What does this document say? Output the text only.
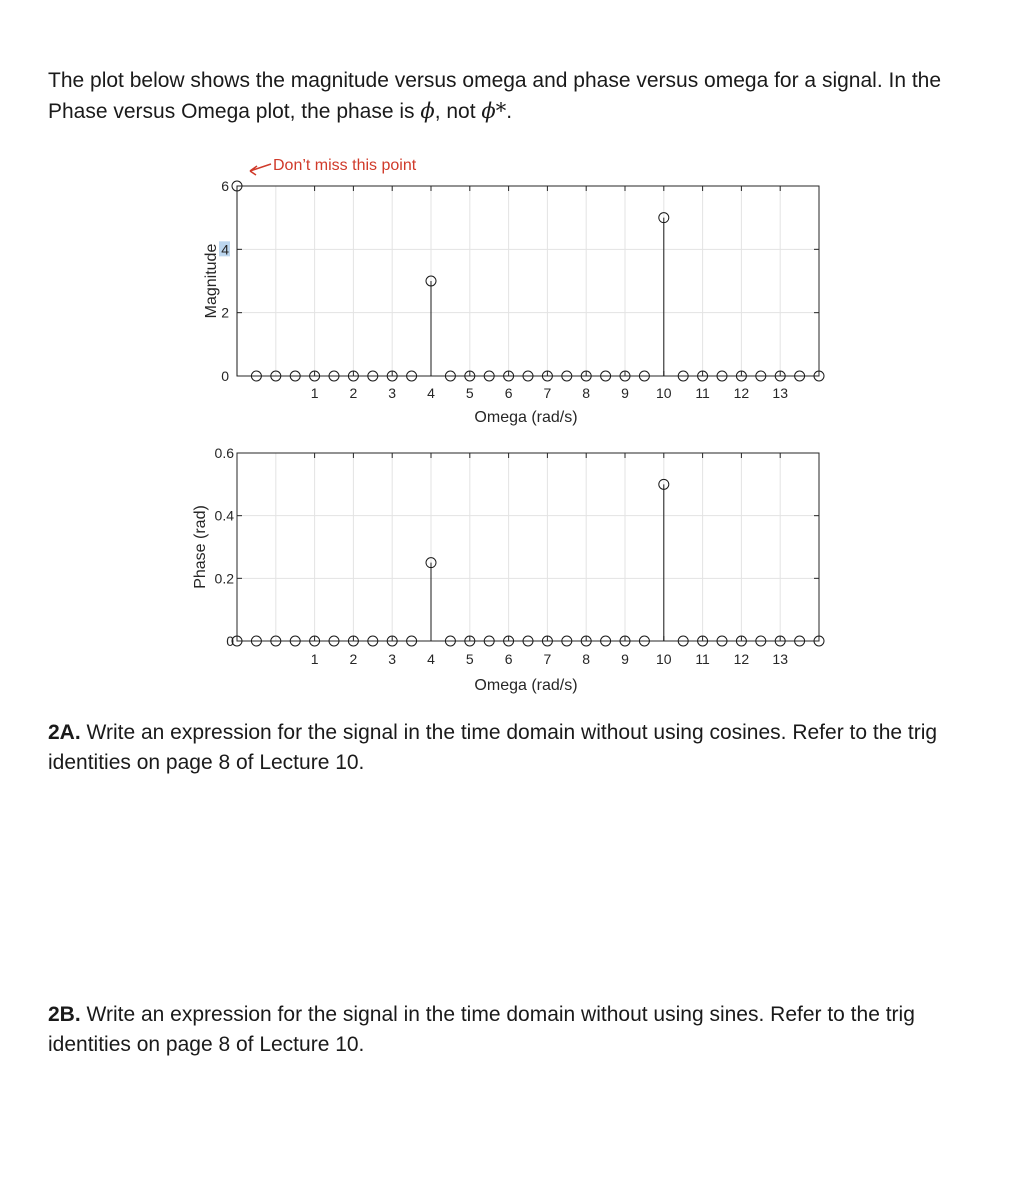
The plot below shows the magnitude versus omega and phase versus omega for a signal. In the Phase versus Omega plot, the phase is ϕ, not ϕ*.
Don’t miss this point
1 2 3 4 5 6 7 8 9 10 11 12 13
0
2
4
6
Omega (rad/s)
Magnitude
1 2 3 4 5 6 7 8 9 10 11 12 13
0
0.2
0.4
0.6
Omega (rad/s)
Phase (rad)
2A. Write an expression for the signal in the time domain without using cosines. Refer to the trig identities on page 8 of Lecture 10.
2B. Write an expression for the signal in the time domain without using sines. Refer to the trig identities on page 8 of Lecture 10.
